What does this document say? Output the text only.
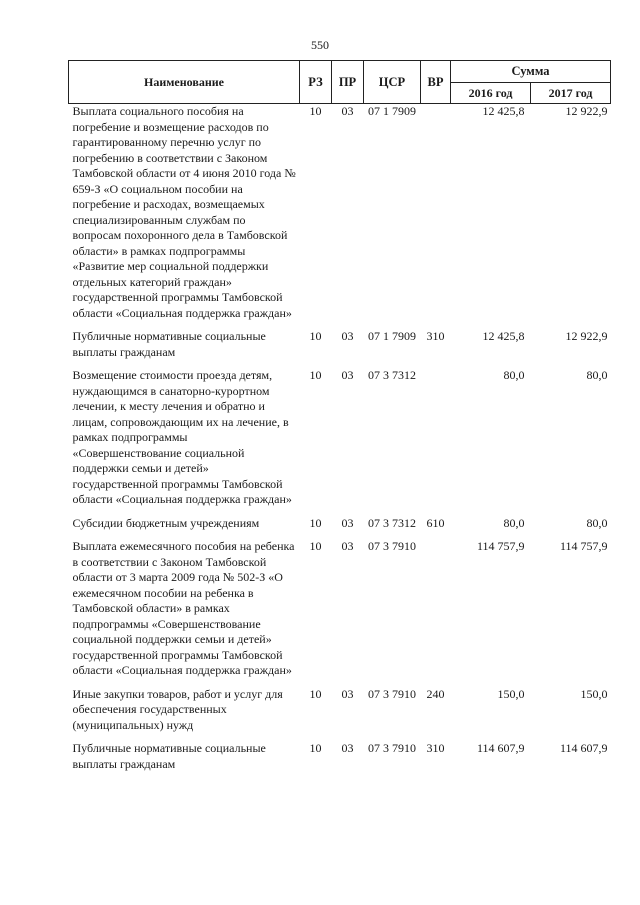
550
Наименование	РЗ	ПР	ЦСР	ВР	Сумма	
					2016 год	2017 год
Выплата социального пособия на погребение и возмещение расходов по гарантированному перечню услуг по погребению в соответствии с Законом Тамбовской области от 4 июня 2010 года № 659-З «О социальном пособии на погребение и расходах, возмещаемых специализированным службам по вопросам похоронного дела в Тамбовской области» в рамках подпрограммы «Развитие мер социальной поддержки отдельных категорий граждан» государственной программы Тамбовской области «Социальная поддержка граждан»	10	03	07 1 7909		12 425,8	12 922,9
Публичные нормативные социальные выплаты гражданам	10	03	07 1 7909	310	12 425,8	12 922,9
Возмещение стоимости проезда детям, нуждающимся в санаторно-курортном лечении, к месту лечения и обратно и лицам, сопровождающим их на лечение, в рамках подпрограммы «Совершенствование социальной поддержки семьи и детей» государственной программы Тамбовской области «Социальная поддержка граждан»	10	03	07 3 7312		80,0	80,0
Субсидии бюджетным учреждениям	10	03	07 3 7312	610	80,0	80,0
Выплата ежемесячного пособия на ребенка в соответствии с Законом Тамбовской области от 3 марта 2009 года № 502-З «О ежемесячном пособии на ребенка в Тамбовской области» в рамках подпрограммы «Совершенствование социальной поддержки семьи и детей» государственной программы Тамбовской области «Социальная поддержка граждан»	10	03	07 3 7910		114 757,9	114 757,9
Иные закупки товаров, работ и услуг для обеспечения государственных (муниципальных) нужд	10	03	07 3 7910	240	150,0	150,0
Публичные нормативные социальные выплаты гражданам	10	03	07 3 7910	310	114 607,9	114 607,9
